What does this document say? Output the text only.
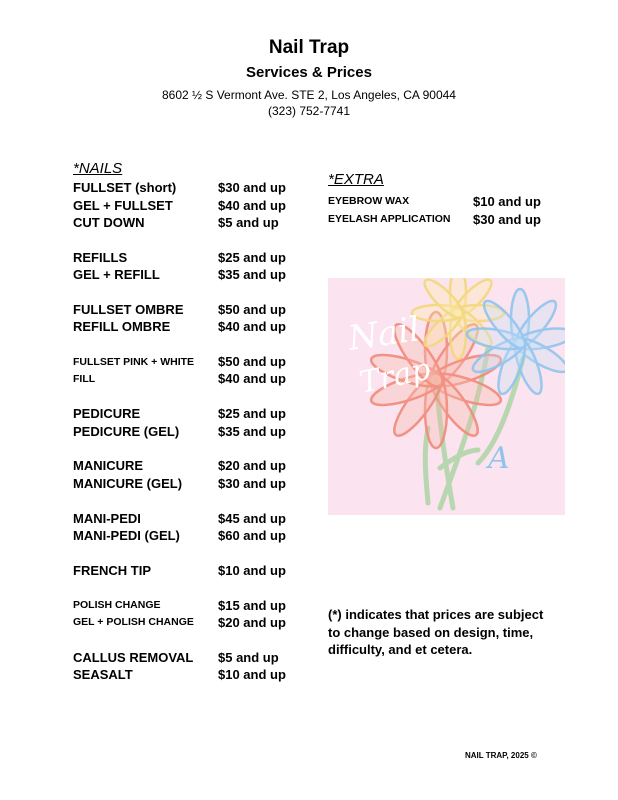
Nail Trap
Services & Prices
8602 ½ S Vermont Ave. STE 2, Los Angeles, CA 90044
(323) 752-7741
*NAILS
FULLSET (short)	$30 and up
GEL + FULLSET	$40 and up
CUT DOWN	$5 and up
REFILLS	$25 and up
GEL + REFILL	$35 and up
FULLSET OMBRE	$50 and up
REFILL OMBRE	$40 and up
FULLSET PINK + WHITE	$50 and up
FILL	$40 and up
PEDICURE	$25 and up
PEDICURE (GEL)	$35 and up
MANICURE	$20 and up
MANICURE (GEL)	$30 and up
MANI-PEDI	$45 and up
MANI-PEDI (GEL)	$60 and up
FRENCH TIP	$10 and up
POLISH CHANGE	$15 and up
GEL + POLISH CHANGE	$20 and up
CALLUS REMOVAL	$5 and up
SEASALT	$10 and up
*EXTRA
EYEBROW WAX	$10 and up
EYELASH APPLICATION	$30 and up
Nail
Trap
A
(*) indicates that prices are subject to change based on design, time, difficulty, and et cetera.
NAIL TRAP, 2025 ©
